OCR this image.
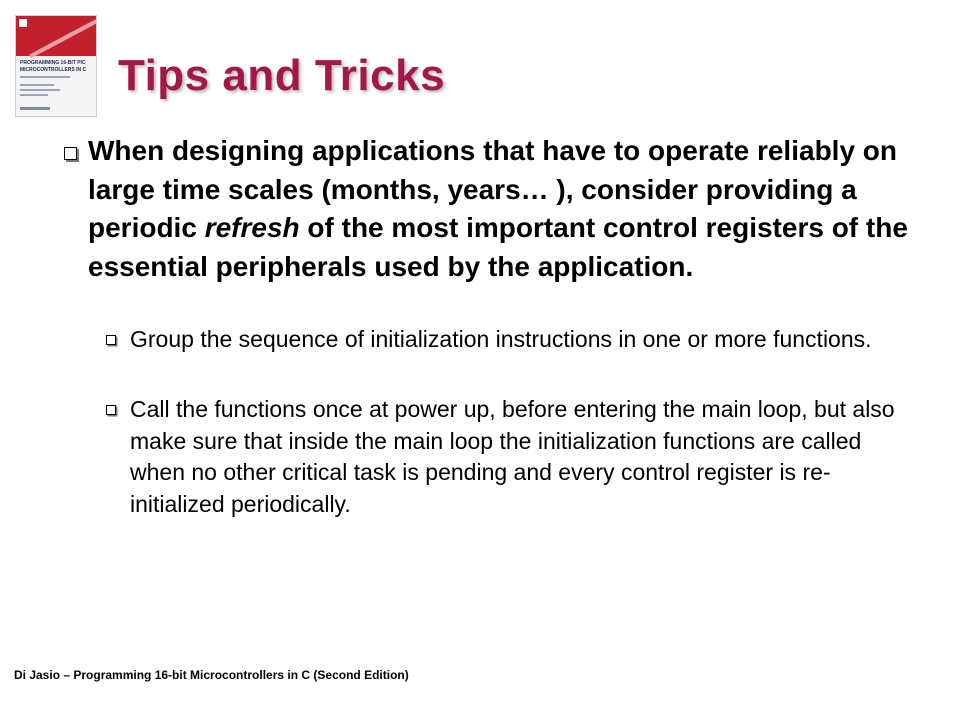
PROGRAMMING 16-BIT PIC
MICROCONTROLLERS IN C Tips and Tricks

When designing applications that have to operate reliably on large time scales (months, years… ), consider providing a periodic refresh of the most important control registers of the essential peripherals used by the application.

Group the sequence of initialization instructions in one or more functions.

Call the functions once at power up, before entering the main loop, but also make sure that inside the main loop the initialization functions are called when no other critical task is pending and every control register is re-initialized periodically.

Di Jasio – Programming 16-bit Microcontrollers in C (Second Edition)
